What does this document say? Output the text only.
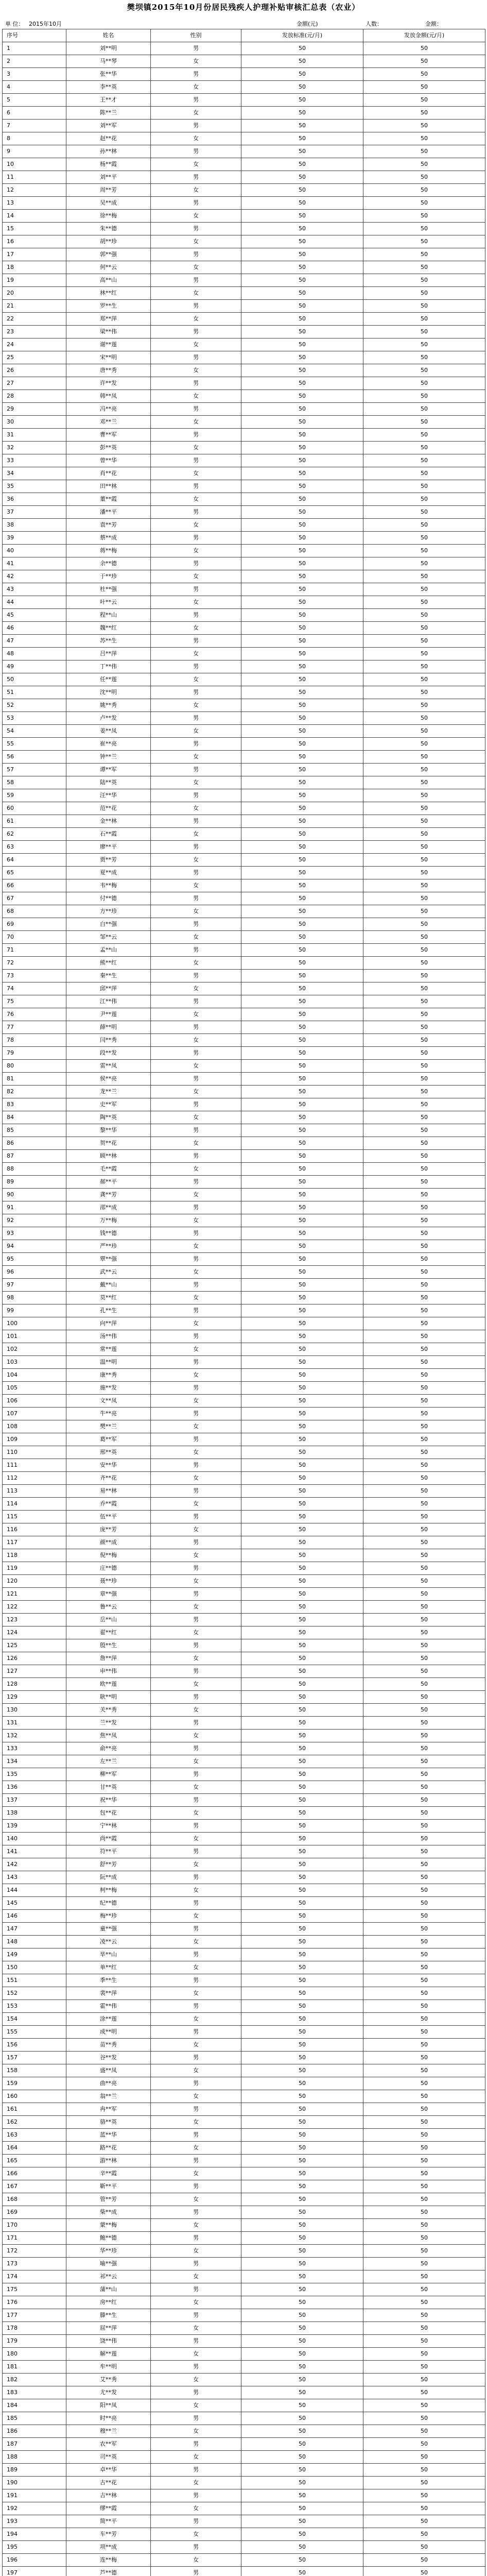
樊坝镇2015年10月份居民残疾人护理补贴审核汇总表（农业）
单 位： 2015年10月	金额(元)	人数：	金额：
序号	姓名	性别	发放标准(元/月)	发放金额(元/月)
1	刘**明	男	50	50
2	马**琴	女	50	50
3	张**华	男	50	50
4	李**英	女	50	50
5	王**才	男	50	50
6	陈**兰	女	50	50
7	刘**军	男	50	50
8	赵**花	女	50	50
9	孙**林	男	50	50
10	杨**霞	女	50	50
11	刘**平	男	50	50
12	周**芳	女	50	50
13	吴**成	男	50	50
14	徐**梅	女	50	50
15	朱**德	男	50	50
16	胡**珍	女	50	50
17	郭**强	男	50	50
18	何**云	女	50	50
19	高**山	男	50	50
20	林**红	女	50	50
21	罗**生	男	50	50
22	郑**萍	女	50	50
23	梁**伟	男	50	50
24	谢**莲	女	50	50
25	宋**明	男	50	50
26	唐**秀	女	50	50
27	许**发	男	50	50
28	韩**凤	女	50	50
29	冯**亮	男	50	50
30	邓**兰	女	50	50
31	曹**军	男	50	50
32	彭**英	女	50	50
33	曾**华	男	50	50
34	肖**花	女	50	50
35	田**林	男	50	50
36	董**霞	女	50	50
37	潘**平	男	50	50
38	袁**芳	女	50	50
39	蔡**成	男	50	50
40	蒋**梅	女	50	50
41	余**德	男	50	50
42	于**珍	女	50	50
43	杜**强	男	50	50
44	叶**云	女	50	50
45	程**山	男	50	50
46	魏**红	女	50	50
47	苏**生	男	50	50
48	吕**萍	女	50	50
49	丁**伟	男	50	50
50	任**莲	女	50	50
51	沈**明	男	50	50
52	姚**秀	女	50	50
53	卢**发	男	50	50
54	姜**凤	女	50	50
55	崔**亮	男	50	50
56	钟**兰	女	50	50
57	谭**军	男	50	50
58	陆**英	女	50	50
59	汪**华	男	50	50
60	范**花	女	50	50
61	金**林	男	50	50
62	石**霞	女	50	50
63	廖**平	男	50	50
64	贾**芳	女	50	50
65	夏**成	男	50	50
66	韦**梅	女	50	50
67	付**德	男	50	50
68	方**珍	女	50	50
69	白**强	男	50	50
70	邹**云	女	50	50
71	孟**山	男	50	50
72	熊**红	女	50	50
73	秦**生	男	50	50
74	邱**萍	女	50	50
75	江**伟	男	50	50
76	尹**莲	女	50	50
77	薛**明	男	50	50
78	闫**秀	女	50	50
79	段**发	男	50	50
80	雷**凤	女	50	50
81	侯**亮	男	50	50
82	龙**兰	女	50	50
83	史**军	男	50	50
84	陶**英	女	50	50
85	黎**华	男	50	50
86	贺**花	女	50	50
87	顾**林	男	50	50
88	毛**霞	女	50	50
89	郝**平	男	50	50
90	龚**芳	女	50	50
91	邵**成	男	50	50
92	万**梅	女	50	50
93	钱**德	男	50	50
94	严**珍	女	50	50
95	覃**强	男	50	50
96	武**云	女	50	50
97	戴**山	男	50	50
98	莫**红	女	50	50
99	孔**生	男	50	50
100	向**萍	女	50	50
101	汤**伟	男	50	50
102	常**莲	女	50	50
103	温**明	男	50	50
104	康**秀	女	50	50
105	施**发	男	50	50
106	文**凤	女	50	50
107	牛**亮	男	50	50
108	樊**兰	女	50	50
109	葛**军	男	50	50
110	邢**英	女	50	50
111	安**华	男	50	50
112	齐**花	女	50	50
113	易**林	男	50	50
114	乔**霞	女	50	50
115	伍**平	男	50	50
116	庞**芳	女	50	50
117	颜**成	男	50	50
118	倪**梅	女	50	50
119	庄**德	男	50	50
120	聂**珍	女	50	50
121	章**强	男	50	50
122	鲁**云	女	50	50
123	岳**山	男	50	50
124	翟**红	女	50	50
125	殷**生	男	50	50
126	詹**萍	女	50	50
127	申**伟	男	50	50
128	欧**莲	女	50	50
129	耿**明	男	50	50
130	关**秀	女	50	50
131	兰**发	男	50	50
132	焦**凤	女	50	50
133	俞**亮	男	50	50
134	左**兰	女	50	50
135	柳**军	男	50	50
136	甘**英	女	50	50
137	祝**华	男	50	50
138	包**花	女	50	50
139	宁**林	男	50	50
140	尚**霞	女	50	50
141	符**平	男	50	50
142	舒**芳	女	50	50
143	阮**成	男	50	50
144	柯**梅	女	50	50
145	纪**德	男	50	50
146	梅**珍	女	50	50
147	童**强	男	50	50
148	凌**云	女	50	50
149	毕**山	男	50	50
150	单**红	女	50	50
151	季**生	男	50	50
152	裴**萍	女	50	50
153	霍**伟	男	50	50
154	涂**莲	女	50	50
155	成**明	男	50	50
156	苗**秀	女	50	50
157	谷**发	男	50	50
158	盛**凤	女	50	50
159	曲**亮	男	50	50
160	翁**兰	女	50	50
161	冉**军	男	50	50
162	骆**英	女	50	50
163	蓝**华	男	50	50
164	路**花	女	50	50
165	游**林	男	50	50
166	辛**霞	女	50	50
167	靳**平	男	50	50
168	管**芳	女	50	50
169	柴**成	男	50	50
170	蒙**梅	女	50	50
171	鲍**德	男	50	50
172	华**珍	女	50	50
173	喻**强	男	50	50
174	祁**云	女	50	50
175	蒲**山	男	50	50
176	房**红	女	50	50
177	滕**生	男	50	50
178	屈**萍	女	50	50
179	饶**伟	男	50	50
180	解**莲	女	50	50
181	牟**明	男	50	50
182	艾**秀	女	50	50
183	尤**发	男	50	50
184	阳**凤	女	50	50
185	时**亮	男	50	50
186	穆**兰	女	50	50
187	农**军	男	50	50
188	司**英	女	50	50
189	卓**华	男	50	50
190	古**花	女	50	50
191	吉**林	男	50	50
192	缪**霞	女	50	50
193	简**平	男	50	50
194	车**芳	女	50	50
195	项**成	男	50	50
196	连**梅	女	50	50
197	芦**德	男	50	50
